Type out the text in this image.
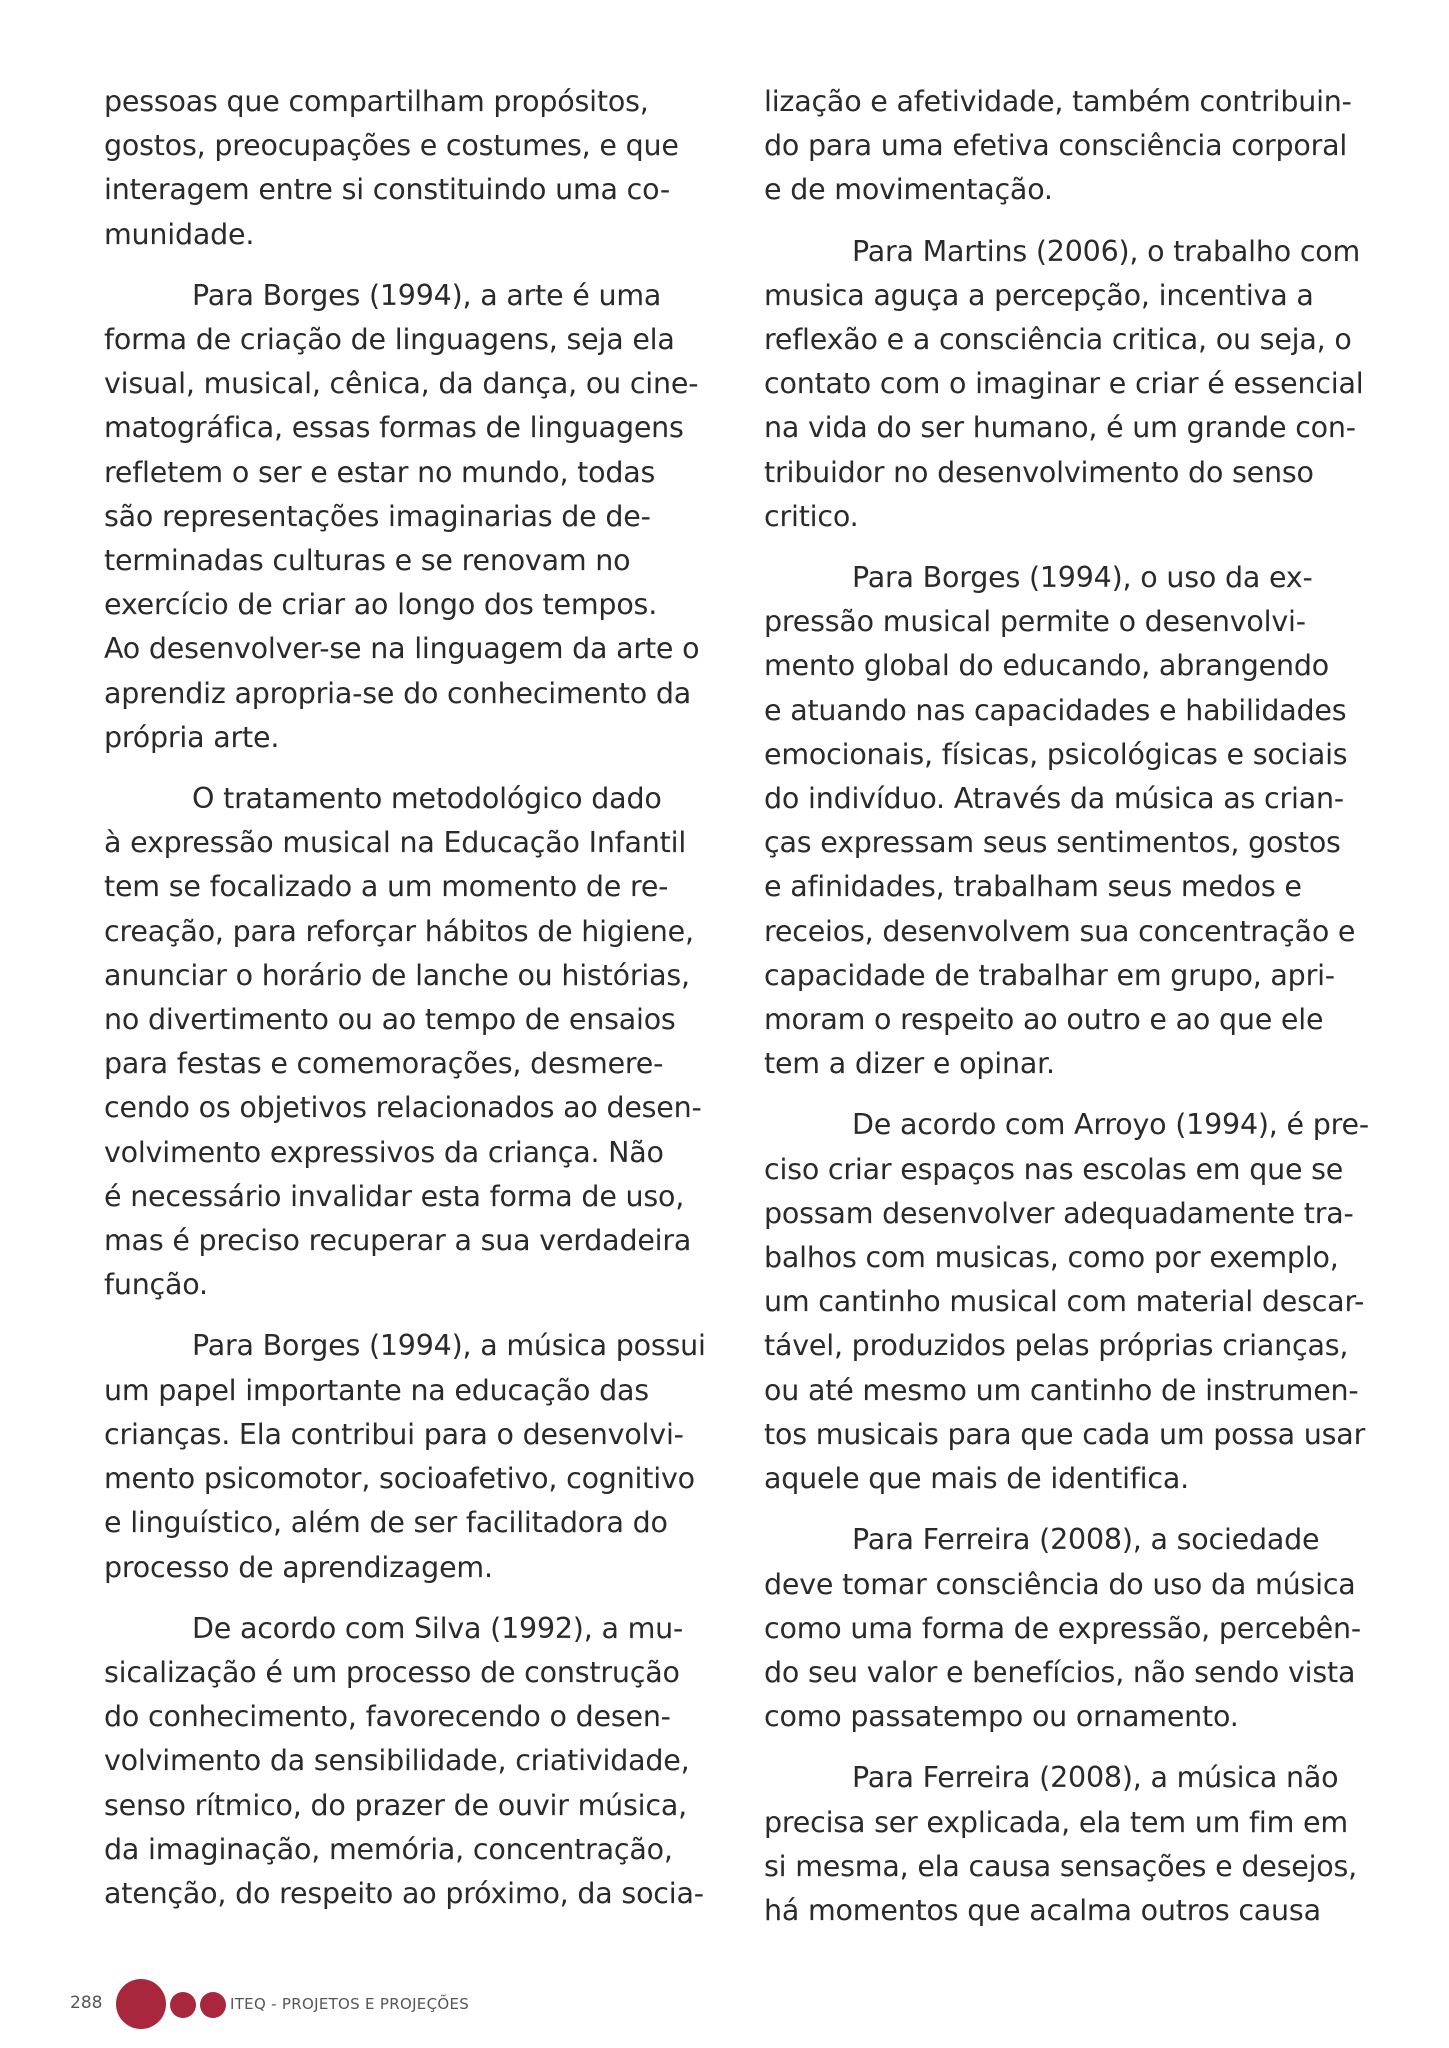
pessoas que compartilham propósitos,
gostos, preocupações e costumes, e que
interagem entre si constituindo uma co-
munidade.

Para Borges (1994), a arte é uma
forma de criação de linguagens, seja ela
visual, musical, cênica, da dança, ou cine-
matográfica, essas formas de linguagens
refletem o ser e estar no mundo, todas
são representações imaginarias de de-
terminadas culturas e se renovam no
exercício de criar ao longo dos tempos.
Ao desenvolver-se na linguagem da arte o
aprendiz apropria-se do conhecimento da
própria arte.

O tratamento metodológico dado
à expressão musical na Educação Infantil
tem se focalizado a um momento de re-
creação, para reforçar hábitos de higiene,
anunciar o horário de lanche ou histórias,
no divertimento ou ao tempo de ensaios
para festas e comemorações, desmere-
cendo os objetivos relacionados ao desen-
volvimento expressivos da criança. Não
é necessário invalidar esta forma de uso,
mas é preciso recuperar a sua verdadeira
função.

Para Borges (1994), a música possui
um papel importante na educação das
crianças. Ela contribui para o desenvolvi-
mento psicomotor, socioafetivo, cognitivo
e linguístico, além de ser facilitadora do
processo de aprendizagem.

De acordo com Silva (1992), a mu-
sicalização é um processo de construção
do conhecimento, favorecendo o desen-
volvimento da sensibilidade, criatividade,
senso rítmico, do prazer de ouvir música,
da imaginação, memória, concentração,
atenção, do respeito ao próximo, da socia-

lização e afetividade, também contribuin-
do para uma efetiva consciência corporal
e de movimentação.

Para Martins (2006), o trabalho com
musica aguça a percepção, incentiva a
reflexão e a consciência critica, ou seja, o
contato com o imaginar e criar é essencial
na vida do ser humano, é um grande con-
tribuidor no desenvolvimento do senso
critico.

Para Borges (1994), o uso da ex-
pressão musical permite o desenvolvi-
mento global do educando, abrangendo
e atuando nas capacidades e habilidades
emocionais, físicas, psicológicas e sociais
do indivíduo. Através da música as crian-
ças expressam seus sentimentos, gostos
e afinidades, trabalham seus medos e
receios, desenvolvem sua concentração e
capacidade de trabalhar em grupo, apri-
moram o respeito ao outro e ao que ele
tem a dizer e opinar.

De acordo com Arroyo (1994), é pre-
ciso criar espaços nas escolas em que se
possam desenvolver adequadamente tra-
balhos com musicas, como por exemplo,
um cantinho musical com material descar-
tável, produzidos pelas próprias crianças,
ou até mesmo um cantinho de instrumen-
tos musicais para que cada um possa usar
aquele que mais de identifica.

Para Ferreira (2008), a sociedade
deve tomar consciência do uso da música
como uma forma de expressão, percebên-
do seu valor e benefícios, não sendo vista
como passatempo ou ornamento.

Para Ferreira (2008), a música não
precisa ser explicada, ela tem um fim em
si mesma, ela causa sensações e desejos,
há momentos que acalma outros causa

288	ITEQ - PROJETOS E PROJEÇÕES
